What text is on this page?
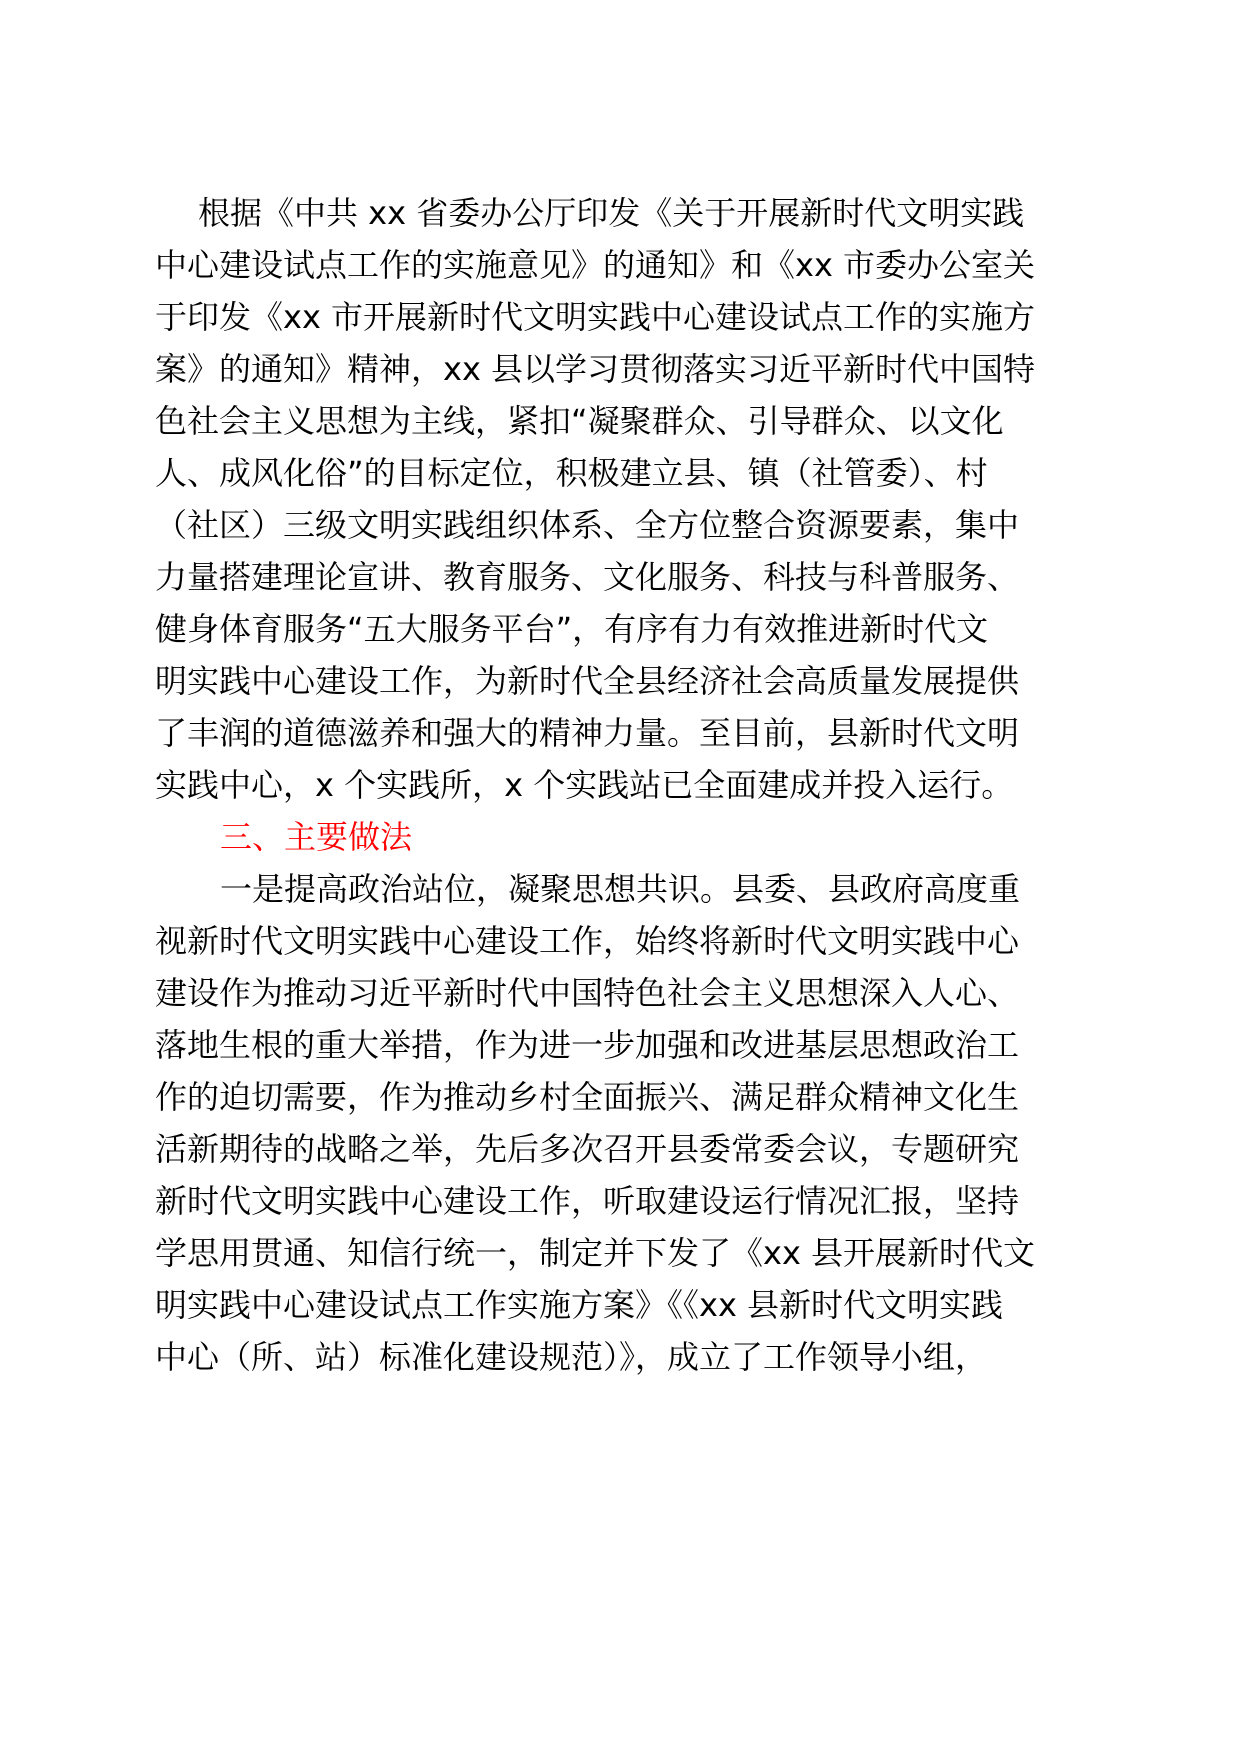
根据《中共 xx 省委办公厅印发《关于开展新时代文明实践
中心建设试点工作的实施意见》的通知》和《xx 市委办公室关
于印发《xx 市开展新时代文明实践中心建设试点工作的实施方
案》的通知》精神，xx 县以学习贯彻落实习近平新时代中国特
色社会主义思想为主线，紧扣“凝聚群众、引导群众、以文化
人、成风化俗”的目标定位，积极建立县、镇（社管委）、村
（社区）三级文明实践组织体系、全方位整合资源要素，集中
力量搭建理论宣讲、教育服务、文化服务、科技与科普服务、
健身体育服务“五大服务平台”，有序有力有效推进新时代文
明实践中心建设工作，为新时代全县经济社会高质量发展提供
了丰润的道德滋养和强大的精神力量。至目前，县新时代文明
实践中心，x 个实践所，x 个实践站已全面建成并投入运行。
三、主要做法
一是提高政治站位，凝聚思想共识。县委、县政府高度重
视新时代文明实践中心建设工作，始终将新时代文明实践中心
建设作为推动习近平新时代中国特色社会主义思想深入人心、
落地生根的重大举措，作为进一步加强和改进基层思想政治工
作的迫切需要，作为推动乡村全面振兴、满足群众精神文化生
活新期待的战略之举，先后多次召开县委常委会议，专题研究
新时代文明实践中心建设工作，听取建设运行情况汇报，坚持
学思用贯通、知信行统一，制定并下发了《xx 县开展新时代文
明实践中心建设试点工作实施方案》《《xx 县新时代文明实践
中心（所、站）标准化建设规范）》，成立了工作领导小组，
